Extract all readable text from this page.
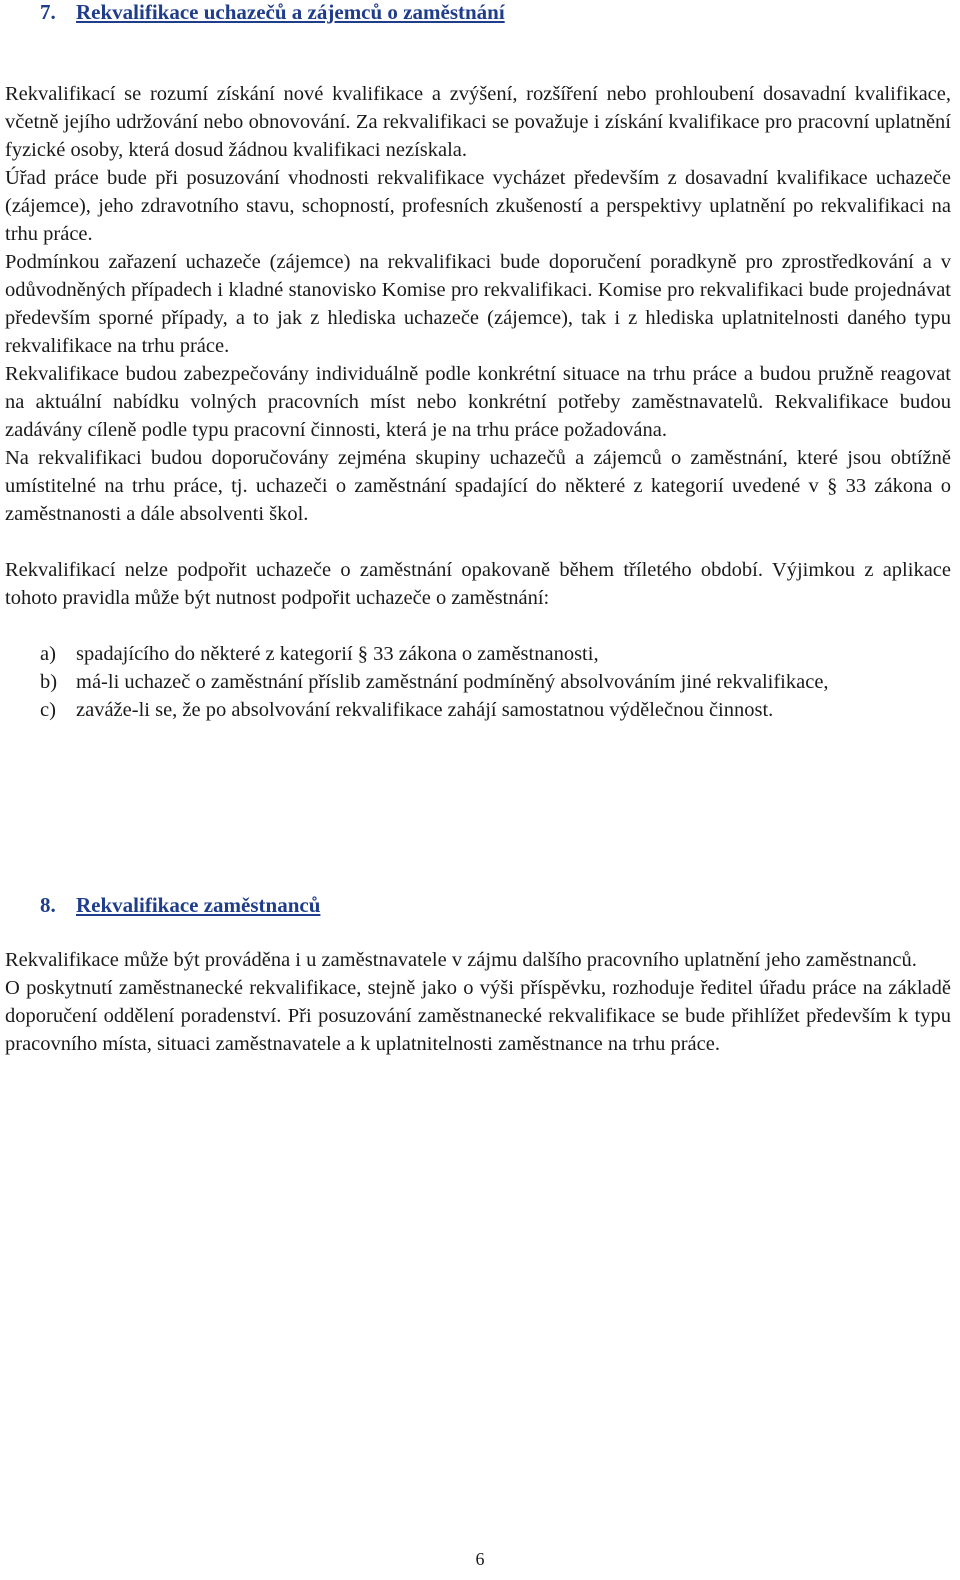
7. Rekvalifikace uchazečů a zájemců o zaměstnání

Rekvalifikací se rozumí získání nové kvalifikace a zvýšení, rozšíření nebo prohloubení dosavadní kvalifikace, včetně jejího udržování nebo obnovování. Za rekvalifikaci se považuje i získání kvalifikace pro pracovní uplatnění fyzické osoby, která dosud žádnou kvalifikaci nezískala.

Úřad práce bude při posuzování vhodnosti rekvalifikace vycházet především z dosavadní kvalifikace uchazeče (zájemce), jeho zdravotního stavu, schopností, profesních zkušeností a perspektivy uplatnění po rekvalifikaci na trhu práce.

Podmínkou zařazení uchazeče (zájemce) na rekvalifikaci bude doporučení poradkyně pro zprostředkování a v odůvodněných případech i kladné stanovisko Komise pro rekvalifikaci. Komise pro rekvalifikaci bude projednávat především sporné případy, a to jak z hlediska uchazeče (zájemce), tak i z hlediska uplatnitelnosti daného typu rekvalifikace na trhu práce.

Rekvalifikace budou zabezpečovány individuálně podle konkrétní situace na trhu práce a budou pružně reagovat na aktuální nabídku volných pracovních míst nebo konkrétní potřeby zaměstnavatelů. Rekvalifikace budou zadávány cíleně podle typu pracovní činnosti, která je na trhu práce požadována.

Na rekvalifikaci budou doporučovány zejména skupiny uchazečů a zájemců o zaměstnání, které jsou obtížně umístitelné na trhu práce, tj. uchazeči o zaměstnání spadající do některé z kategorií uvedené v § 33 zákona o zaměstnanosti a dále absolventi škol.

Rekvalifikací nelze podpořit uchazeče o zaměstnání opakovaně během tříletého období. Výjimkou z aplikace tohoto pravidla může být nutnost podpořit uchazeče o zaměstnání:

a) spadajícího do některé z kategorií § 33 zákona o zaměstnanosti,
b) má-li uchazeč o zaměstnání příslib zaměstnání podmíněný absolvováním jiné rekvalifikace,
c) zaváže-li se, že po absolvování rekvalifikace zahájí samostatnou výdělečnou činnost.
8. Rekvalifikace zaměstnanců

Rekvalifikace může být prováděna i u zaměstnavatele v zájmu dalšího pracovního uplatnění jeho zaměstnanců.

O poskytnutí zaměstnanecké rekvalifikace, stejně jako o výši příspěvku, rozhoduje ředitel úřadu práce na základě doporučení oddělení poradenství. Při posuzování zaměstnanecké rekvalifikace se bude přihlížet především k typu pracovního místa, situaci zaměstnavatele a k uplatnitelnosti zaměstnance na trhu práce.

6
